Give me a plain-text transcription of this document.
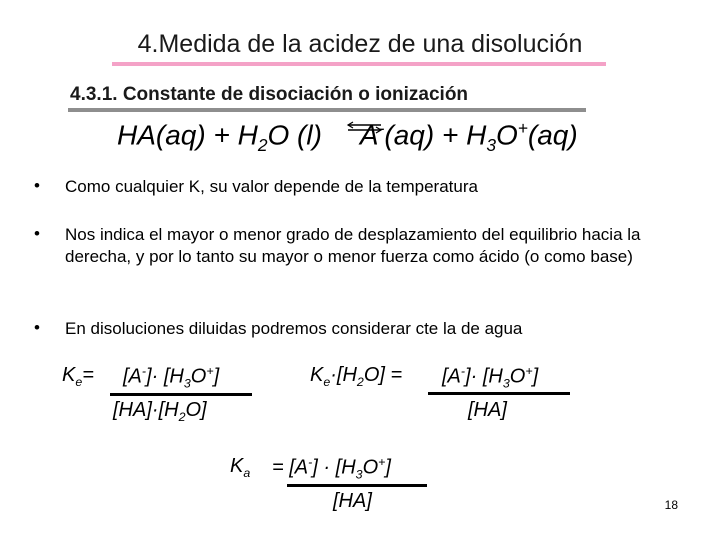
4.Medida de la acidez de una disolución
4.3.1. Constante de disociación o ionización
$HA(aq) + H_2O$ (l) $A^-(aq) + H_3O^+(aq)$
• Como cualquier K, su valor depende de la temperatura
• Nos indica el mayor o menor grado de desplazamiento del equilibrio hacia la derecha, y por lo tanto su mayor o menor fuerza como ácido (o como base)
• En disoluciones diluidas podremos considerar cte la de agua
$K_e= [A^-]\cdot [H_3O^+]$
$[HA]\cdot[H_2O]$
$K_e\cdot[H_2O] = [A^-]\cdot [H_3O^+]$
[HA]
$K_a = [A^-] \cdot [H_3O^+]$
[HA]	18
